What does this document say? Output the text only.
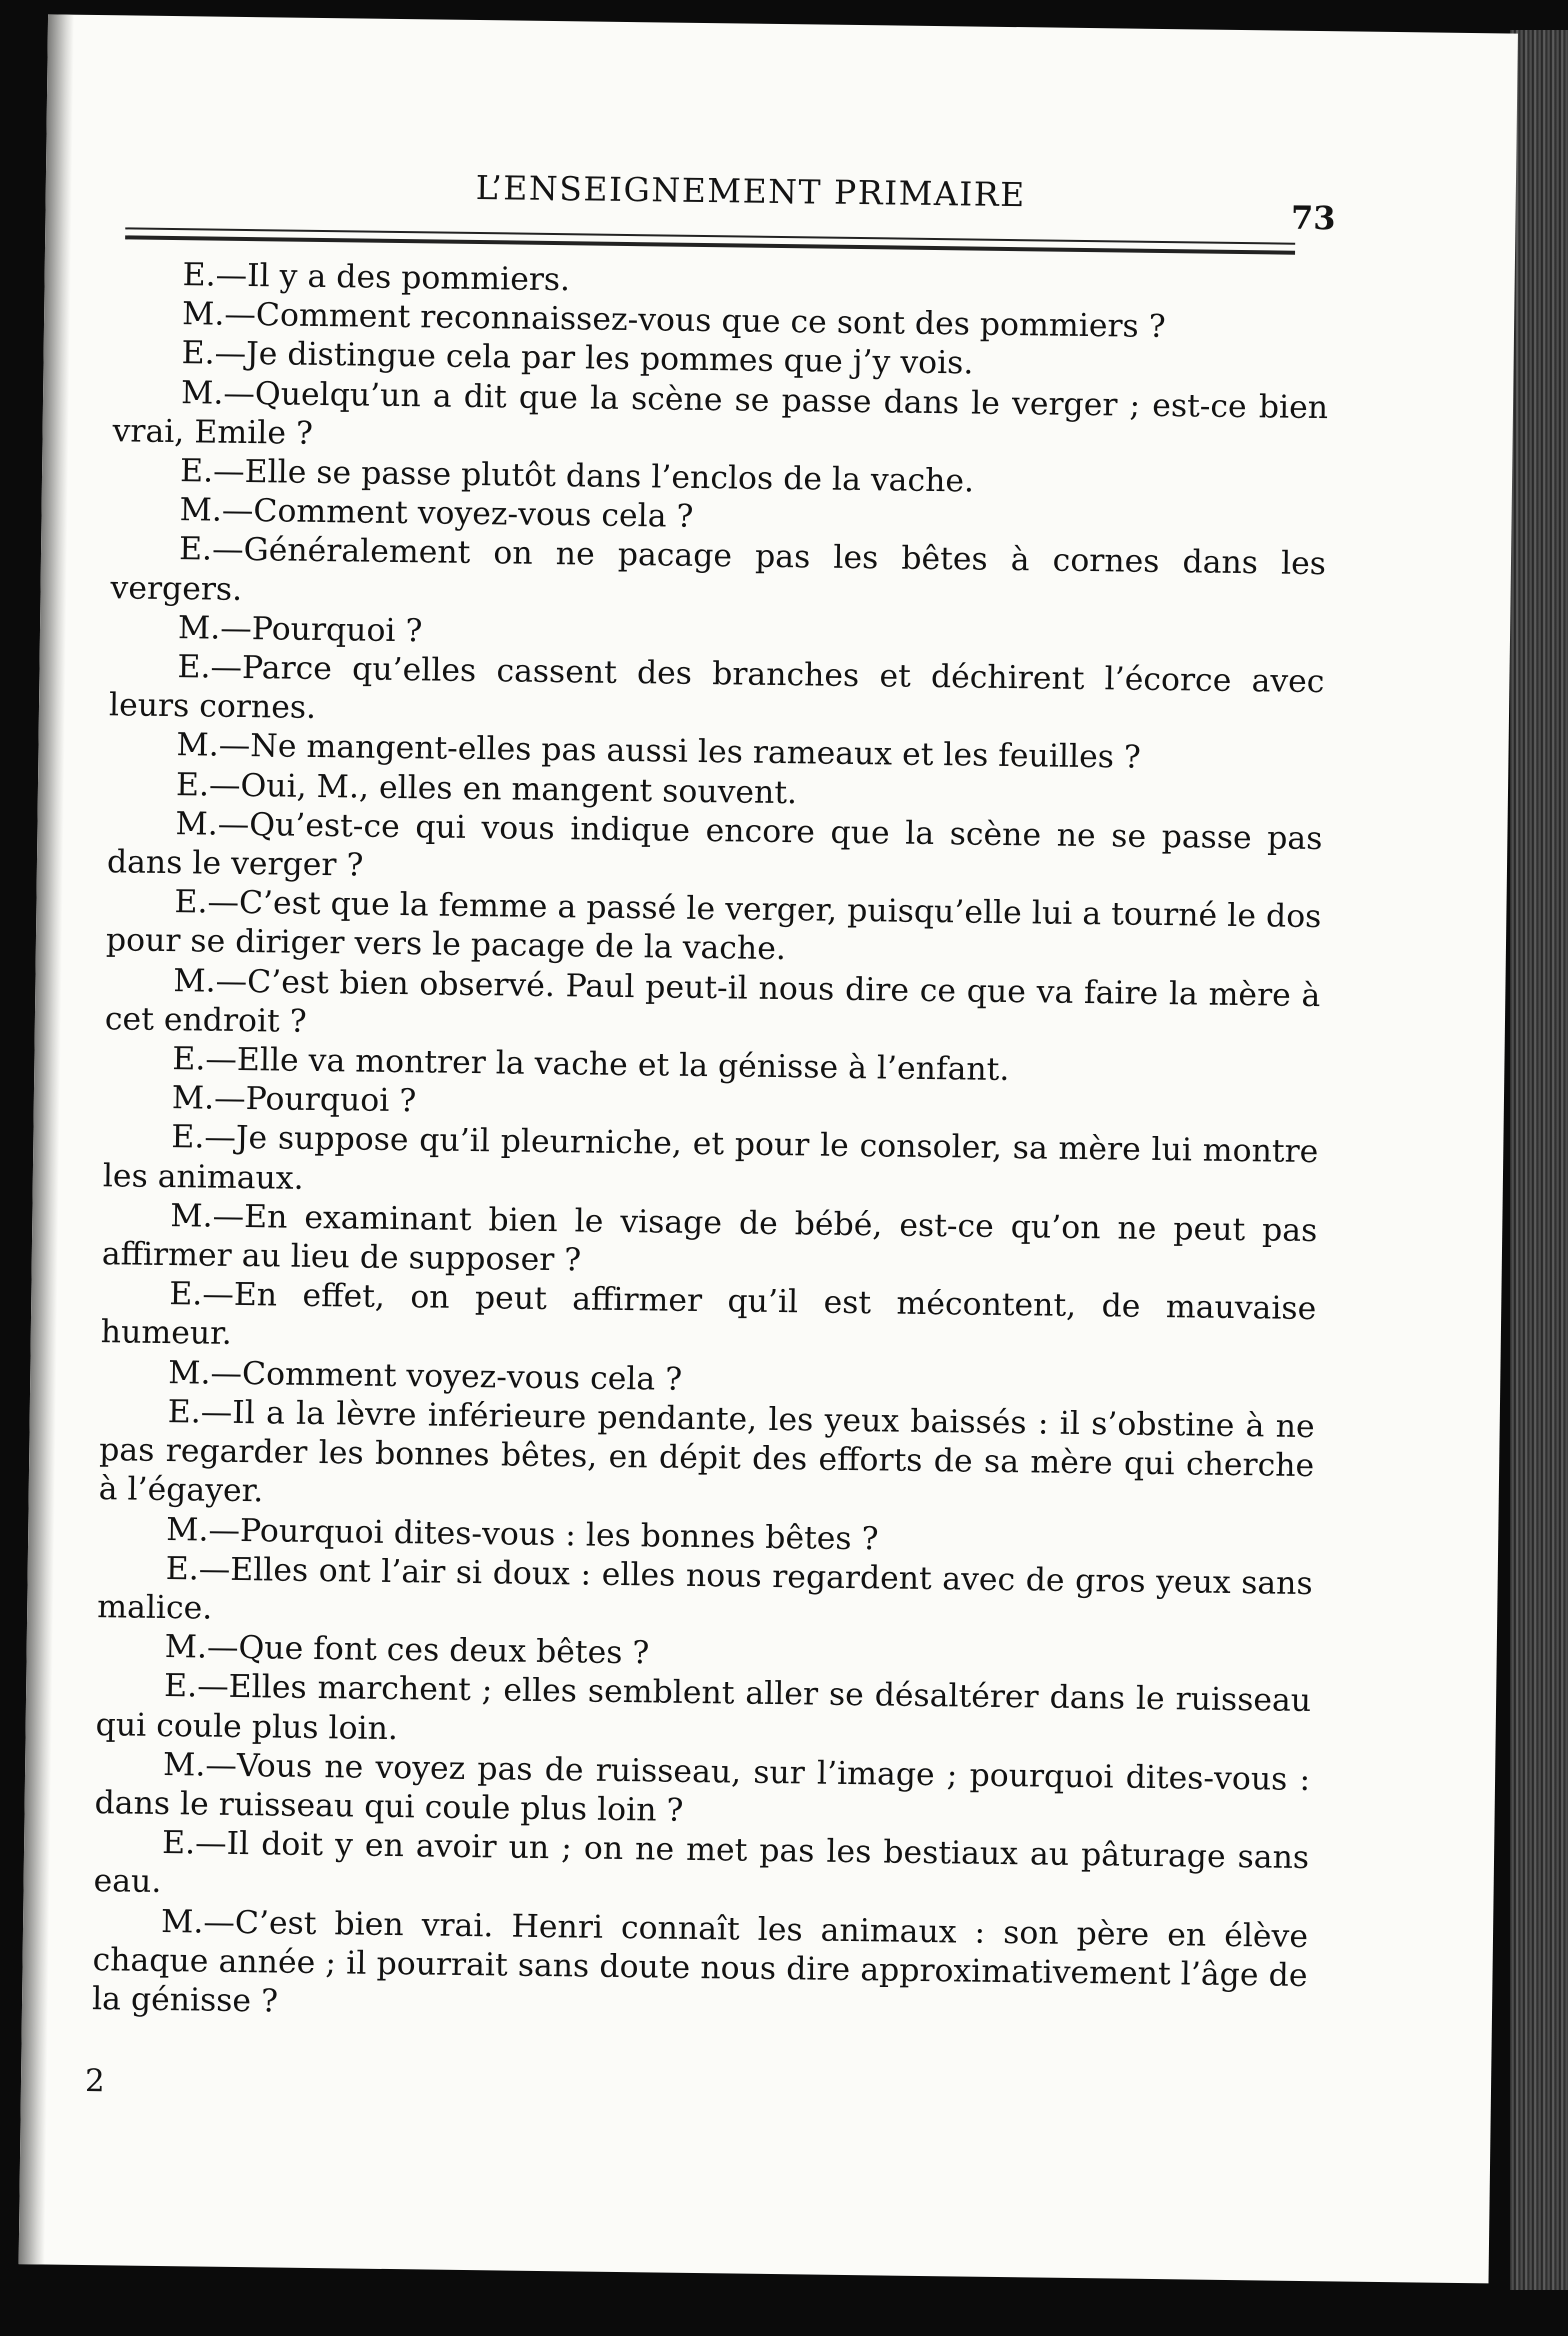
L’ENSEIGNEMENT PRIMAIRE
73

E.—Il y a des pommiers.

M.—Comment reconnaissez-vous que ce sont des pommiers ?

E.—Je distingue cela par les pommes que j’y vois.

M.—Quelqu’un a dit que la scène se passe dans le verger ; est-ce bien vrai, Emile ?

E.—Elle se passe plutôt dans l’enclos de la vache.

M.—Comment voyez-vous cela ?

E.—Généralement on ne pacage pas les bêtes à cornes dans les vergers.

M.—Pourquoi ?

E.—Parce qu’elles cassent des branches et déchirent l’écorce avec leurs cornes.

M.—Ne mangent-elles pas aussi les rameaux et les feuilles ?

E.—Oui, M., elles en mangent souvent.

M.—Qu’est-ce qui vous indique encore que la scène ne se passe pas dans le verger ?

E.—C’est que la femme a passé le verger, puisqu’elle lui a tourné le dos pour se diriger vers le pacage de la vache.

M.—C’est bien observé. Paul peut-il nous dire ce que va faire la mère à cet endroit ?

E.—Elle va montrer la vache et la génisse à l’enfant.

M.—Pourquoi ?

E.—Je suppose qu’il pleurniche, et pour le consoler, sa mère lui montre les animaux.

M.—En examinant bien le visage de bébé, est-ce qu’on ne peut pas affirmer au lieu de supposer ?

E.—En effet, on peut affirmer qu’il est mécontent, de mauvaise humeur.

M.—Comment voyez-vous cela ?

E.—Il a la lèvre inférieure pendante, les yeux baissés : il s’obstine à ne pas regarder les bonnes bêtes, en dépit des efforts de sa mère qui cherche à l’égayer.

M.—Pourquoi dites-vous : les bonnes bêtes ?

E.—Elles ont l’air si doux : elles nous regardent avec de gros yeux sans malice.

M.—Que font ces deux bêtes ?

E.—Elles marchent ; elles semblent aller se désaltérer dans le ruisseau qui coule plus loin.

M.—Vous ne voyez pas de ruisseau, sur l’image ; pourquoi dites-vous : dans le ruisseau qui coule plus loin ?

E.—Il doit y en avoir un ; on ne met pas les bestiaux au pâturage sans eau.

M.—C’est bien vrai. Henri connaît les animaux : son père en élève chaque année ; il pourrait sans doute nous dire approximativement l’âge de la génisse ?

2
